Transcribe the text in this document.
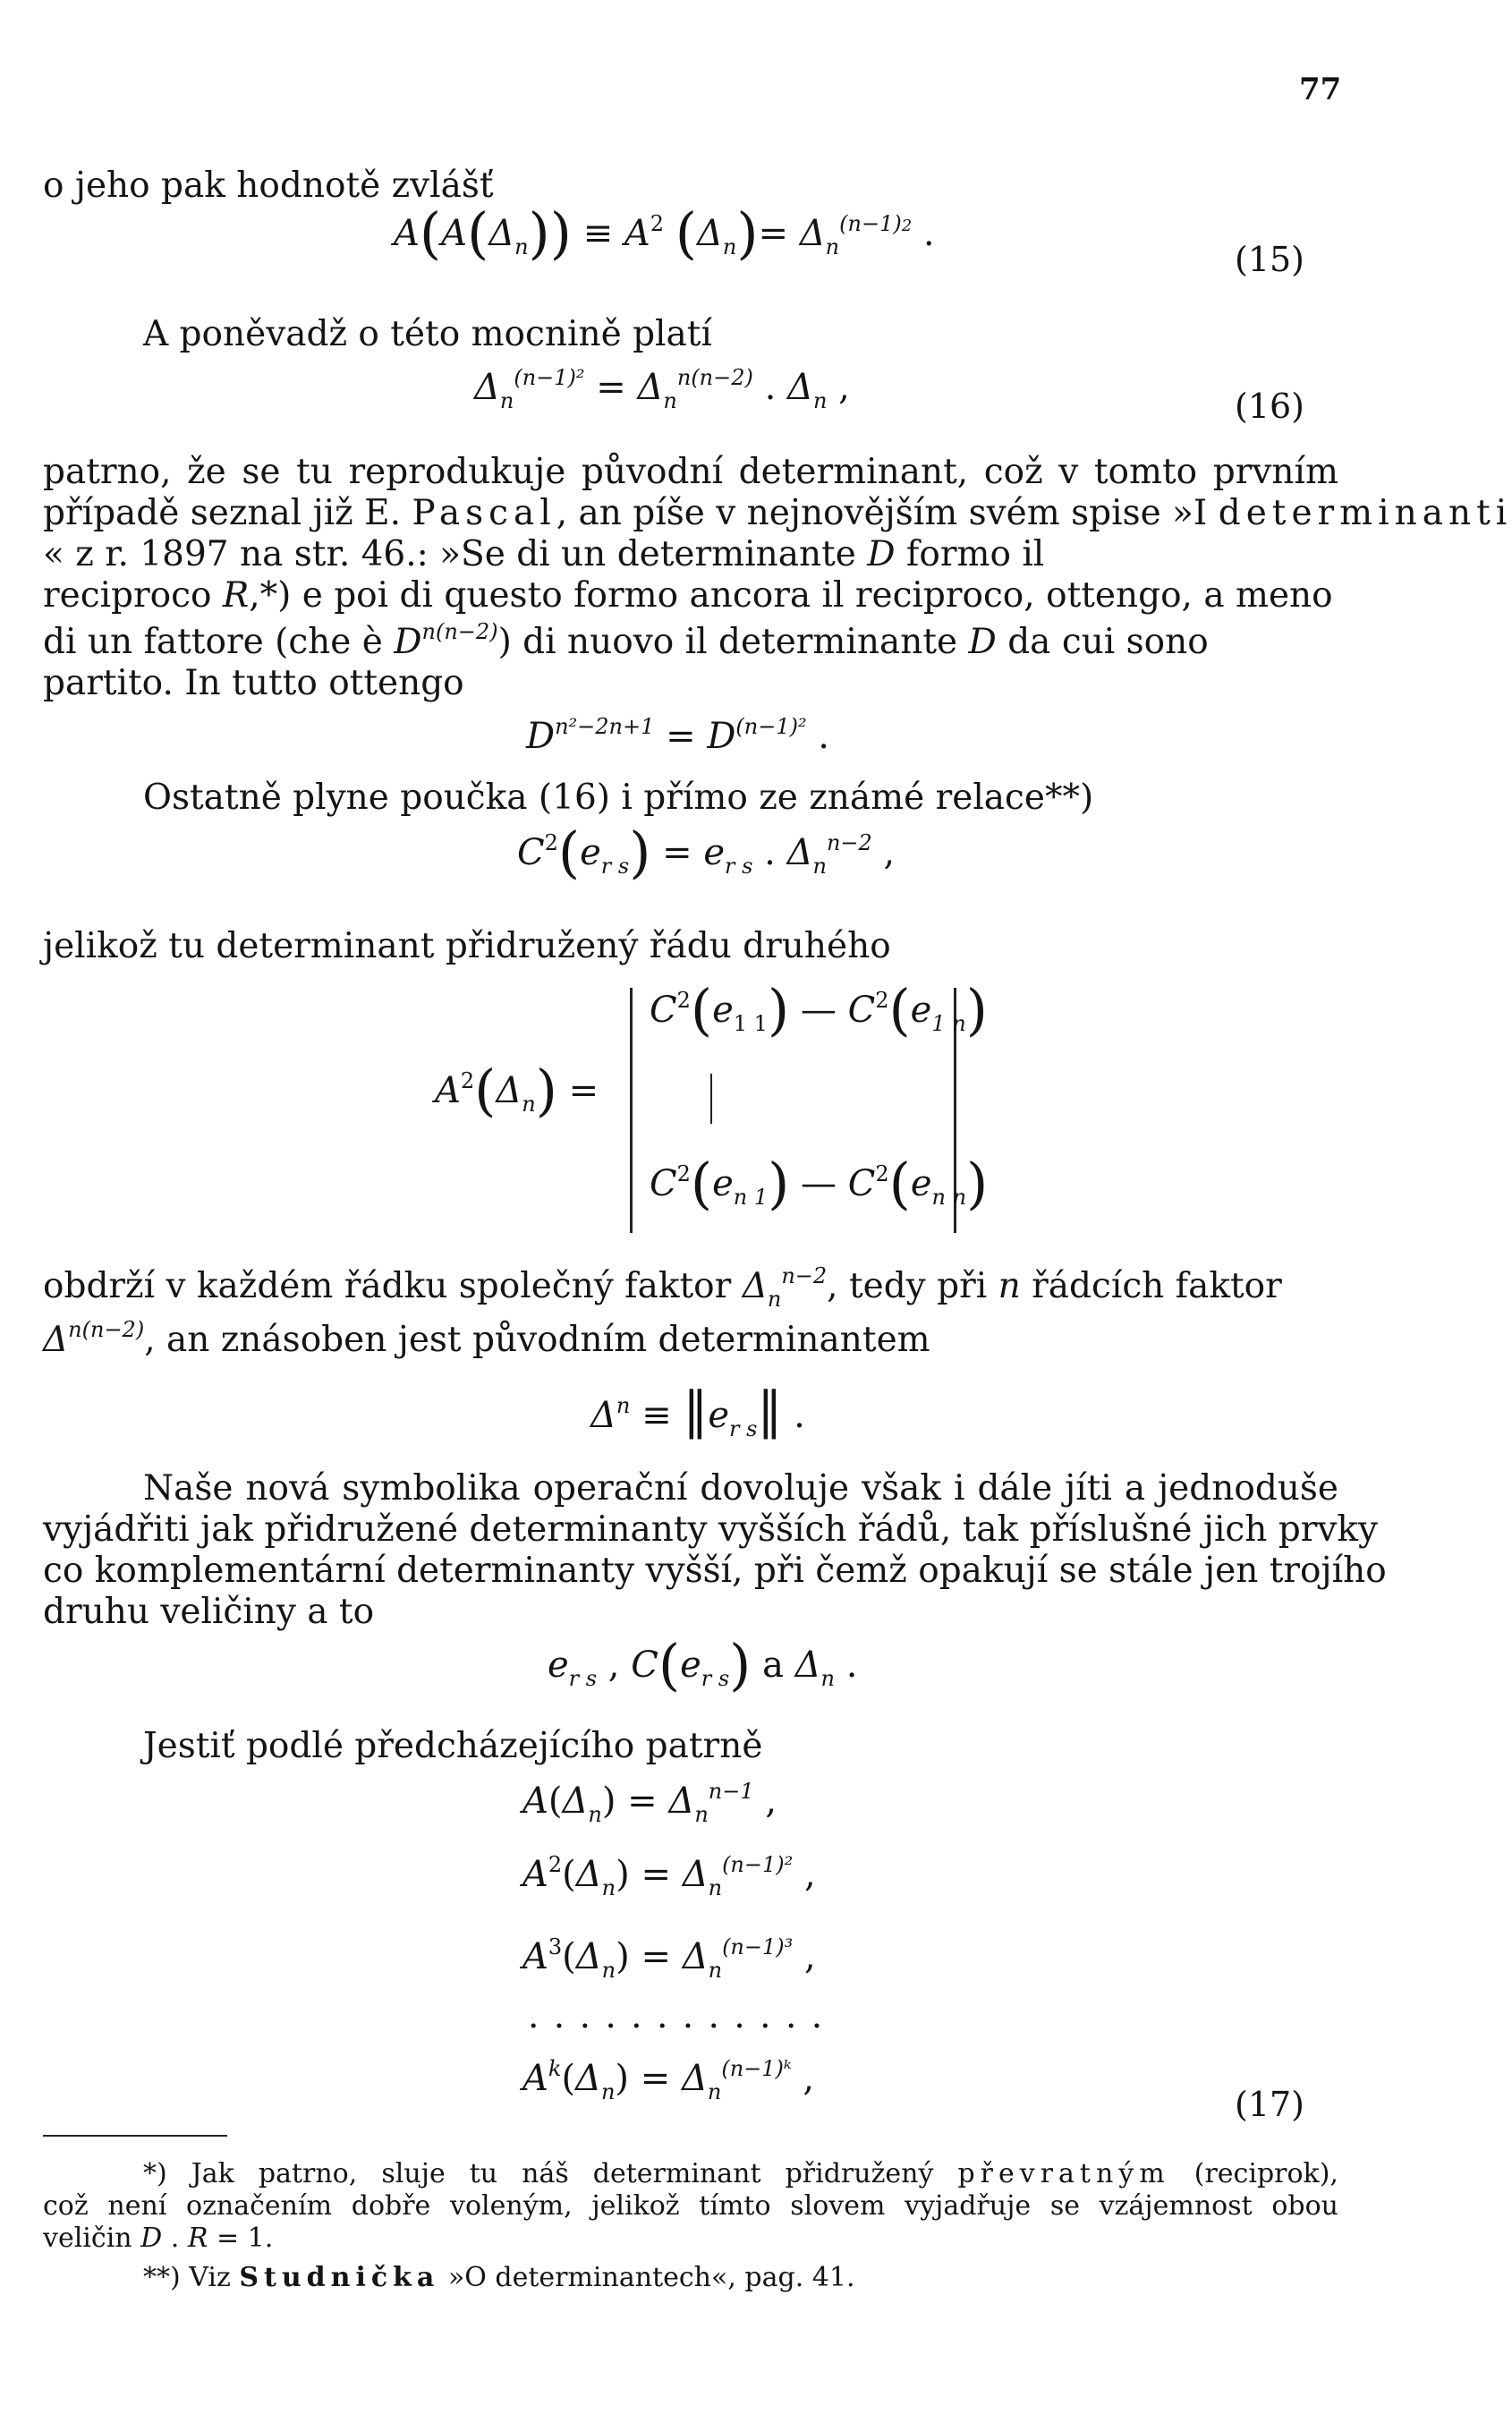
77
o jeho pak hodnotě zvlášť
$A(A(\Delta_n)) \equiv A^2$ $(\Delta_n)= \Delta_n^{(n-1)2}$ .
(15)
A poněvadž o této mocnině platí
$\Delta_n^{(n-1)^2} = \Delta_n^{n(n-2)}$ . $\Delta_n$ ,	(16)
patrno, že se tu reprodukuje původní determinant, což v tomto prvním
případě seznal již E. Pascal, an píše v nejnovějším svém spise »I determinanti
« z r. 1897 na str. 46.: »Se di un determinante D formo il
reciproco R,*) e poi di questo formo ancora il reciproco, ottengo, a meno
di un fattore (che è $D^{n(n-2)}$) di nuovo il determinante D da cui sono
partito. In tutto ottengo
$D^{n^2-2n+1} = D^{(n-1)^2}$ .
Ostatně plyne poučka (16) i přímo ze známé relace**)
$C^2(e_{r s}) = e_{r s}$ . $\Delta_n^{n-2}$ ,
jelikož tu determinant přidružený řádu druhého
$A^2(\Delta_n)$ =
$C^2(e_{1 1})$ — $C^2(e_{1 n})$
$C^2(e_{n 1})$ — $C^2(e_{n n})$
obdrží v každém řádku společný faktor $\Delta_n^{n-2}$, tedy při n řádcích faktor
$\Delta^{n(n-2)}$, an znásoben jest původním determinantem
$\Delta^n$ ≡ $‖e_{r s}‖$ .
Naše nová symbolika operační dovoluje však i dále jíti a jednoduše
vyjádřiti jak přidružené determinanty vyšších řádů, tak příslušné jich prvky
co komplementární determinanty vyšší, při čemž opakují se stále jen trojího
druhu veličiny a to
$e_{r s}$ , $C(e_{r s})$ a $\Delta_n$ .
Jestiť podlé předcházejícího patrně
$A(\Delta_n) = \Delta_n^{n-1}$ ,
$A^2(\Delta_n) = \Delta_n^{(n-1)^2}$ ,
$A^3(\Delta_n) = \Delta_n^{(n-1)^3}$ ,
. . . . . . . . . . . .
$A^k(\Delta_n) = \Delta_n^{(n-1)ᵏ}$ ,
(17)
*) Jak patrno, sluje tu náš determinant přidružený převratným (reciprok),
což není označením dobře voleným, jelikož tímto slovem vyjadřuje se vzájemnost obou
veličin D . R = 1.
**) Viz Studnička »O determinantech«, pag. 41.
